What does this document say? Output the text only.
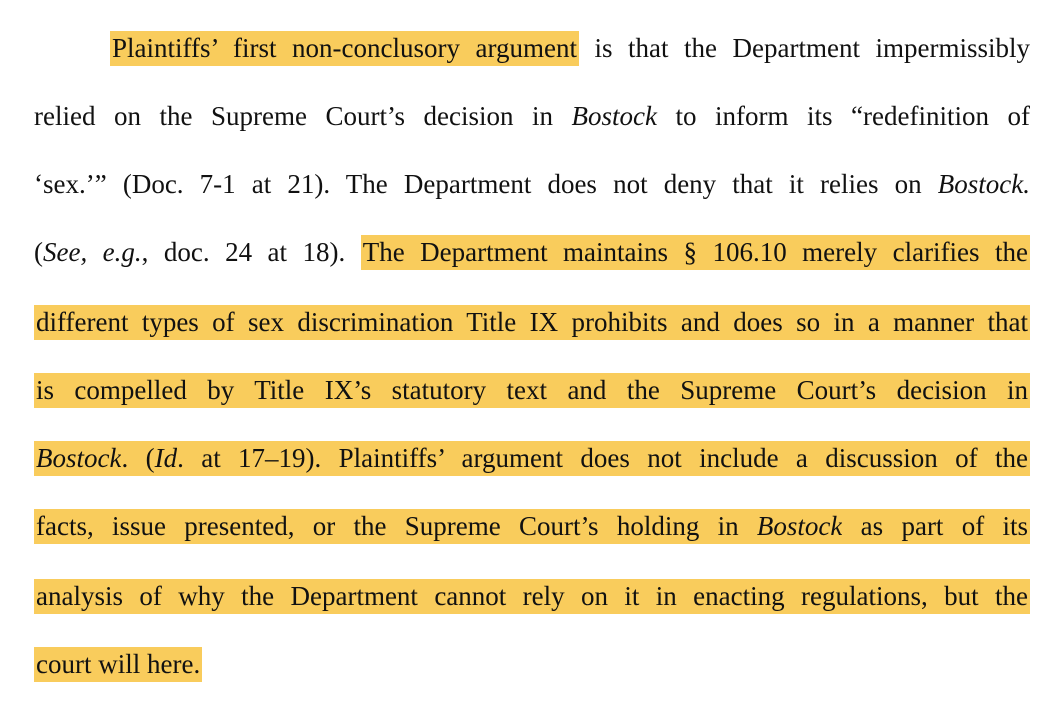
Plaintiffs’ first non-conclusory argument is that the Department impermissibly
relied on the Supreme Court’s decision in Bostock to inform its “redefinition of
‘sex.’” (Doc. 7-1 at 21). The Department does not deny that it relies on Bostock.
(See, e.g., doc. 24 at 18). The Department maintains § 106.10 merely clarifies the
different types of sex discrimination Title IX prohibits and does so in a manner that
is compelled by Title IX’s statutory text and the Supreme Court’s decision in
Bostock. (Id. at 17–19). Plaintiffs’ argument does not include a discussion of the
facts, issue presented, or the Supreme Court’s holding in Bostock as part of its
analysis of why the Department cannot rely on it in enacting regulations, but the
court will here.
